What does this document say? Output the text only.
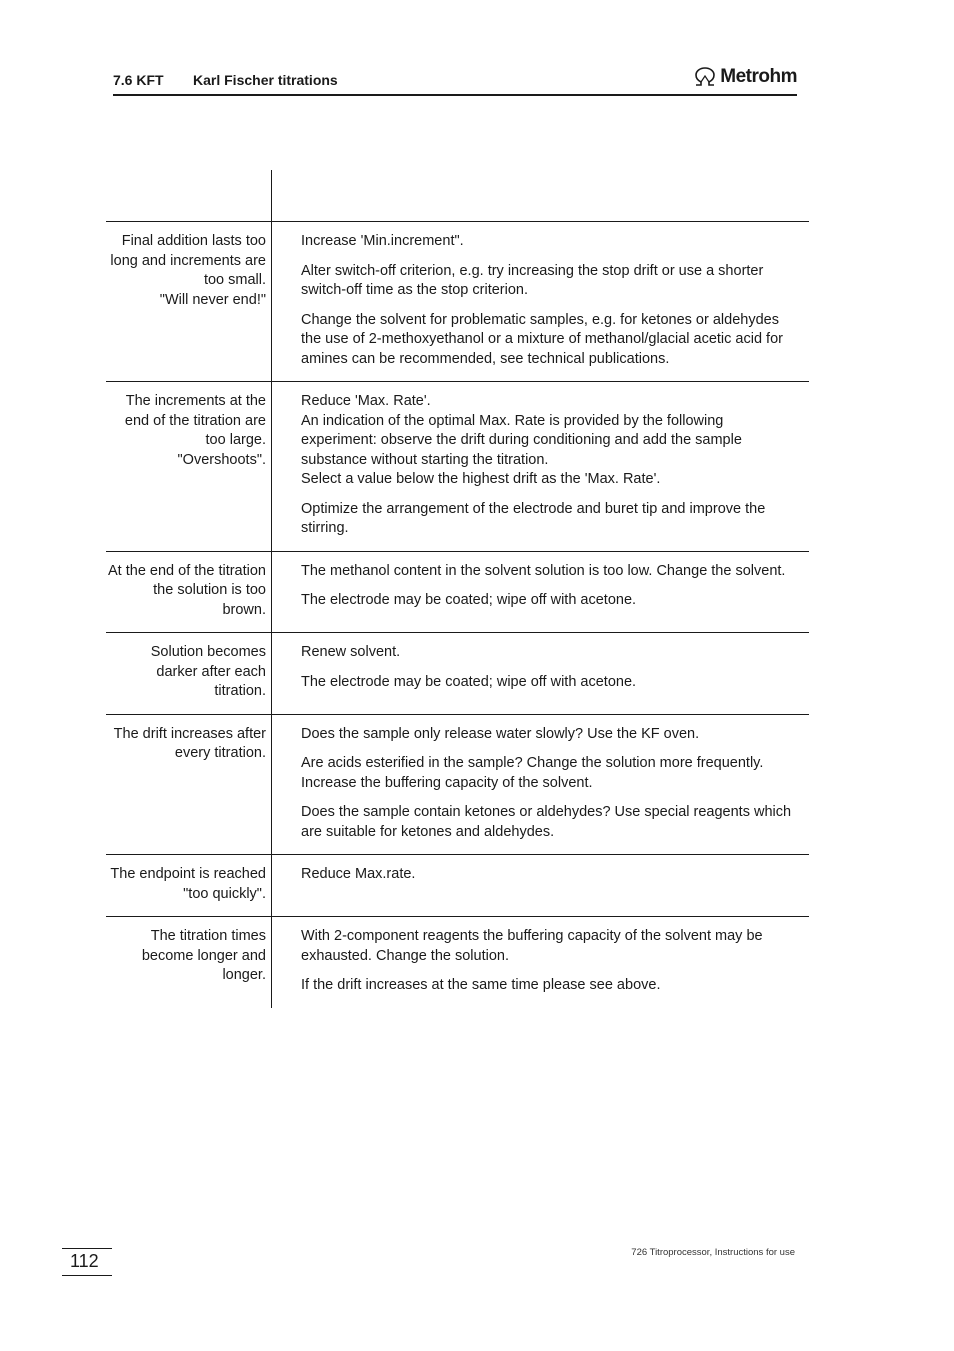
7.6 KFT Karl Fischer titrations	Metrohm
Final addition lasts too long and increments are too small.
"Will never end!"

Increase 'Min.increment".

Alter switch-off criterion, e.g. try increasing the stop drift or use a shorter switch-off time as the stop criterion.

Change the solvent for problematic samples, e.g. for ketones or aldehydes the use of 2-methoxyethanol or a mixture of methanol/glacial acetic acid for amines can be recommended, see technical publications.

The increments at the end of the titration are too large.
"Overshoots".

Reduce 'Max. Rate'.
An indication of the optimal Max. Rate is provided by the following experiment: observe the drift during conditioning and add the sample substance without starting the titration.
Select a value below the highest drift as the 'Max. Rate'.

Optimize the arrangement of the electrode and buret tip and improve the stirring.

At the end of the titration the solution is too brown.

The methanol content in the solvent solution is too low. Change the solvent.

The electrode may be coated; wipe off with acetone.

Solution becomes darker after each titration.

Renew solvent.

The electrode may be coated; wipe off with acetone.

The drift increases after every titration.

Does the sample only release water slowly? Use the KF oven.

Are acids esterified in the sample? Change the solution more frequently. Increase the buffering capacity of the solvent.

Does the sample contain ketones or aldehydes? Use special reagents which are suitable for ketones and aldehydes.

The endpoint is reached "too quickly".

Reduce Max.rate.

The titration times become longer and longer.

With 2-component reagents the buffering capacity of the solvent may be exhausted. Change the solution.

If the drift increases at the same time please see above.

112	726 Titroprocessor, Instructions for use
